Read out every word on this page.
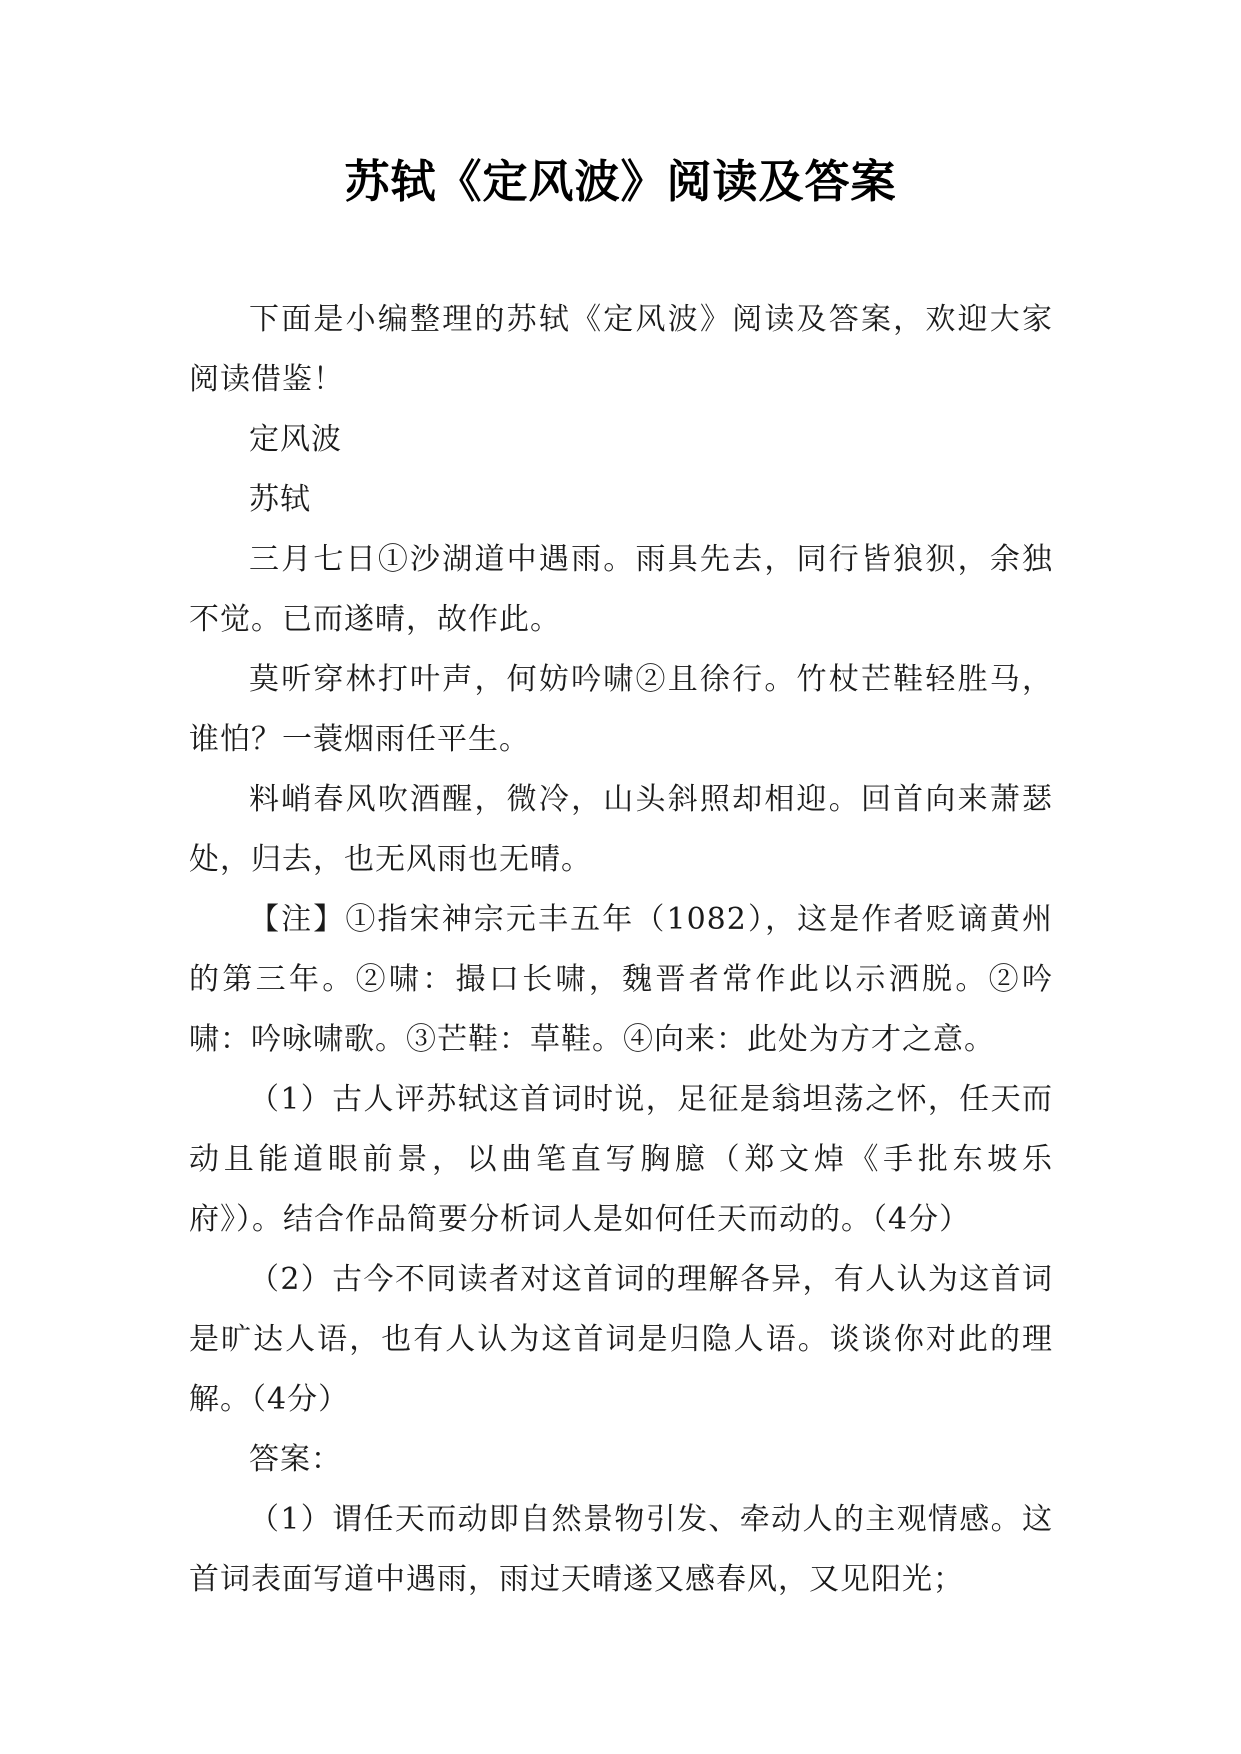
苏轼《定风波》阅读及答案

下面是小编整理的苏轼《定风波》阅读及答案，欢迎大家阅读借鉴！

定风波

苏轼

三月七日①沙湖道中遇雨。雨具先去，同行皆狼狈，余独不觉。已而遂晴，故作此。

莫听穿林打叶声，何妨吟啸②且徐行。竹杖芒鞋轻胜马，谁怕？一蓑烟雨任平生。

料峭春风吹酒醒，微冷，山头斜照却相迎。回首向来萧瑟处，归去，也无风雨也无晴。

【注】①指宋神宗元丰五年（1082），这是作者贬谪黄州的第三年。②啸：撮口长啸，魏晋者常作此以示洒脱。②吟啸：吟咏啸歌。③芒鞋：草鞋。④向来：此处为方才之意。

（1）古人评苏轼这首词时说，足征是翁坦荡之怀，任天而动且能道眼前景，以曲笔直写胸臆（郑文焯《手批东坡乐府》）。结合作品简要分析词人是如何任天而动的。（4分）

（2）古今不同读者对这首词的理解各异，有人认为这首词是旷达人语，也有人认为这首词是归隐人语。谈谈你对此的理解。（4分）

答案：

（1）谓任天而动即自然景物引发、牵动人的主观情感。这首词表面写道中遇雨，雨过天晴遂又感春风，又见阳光；
